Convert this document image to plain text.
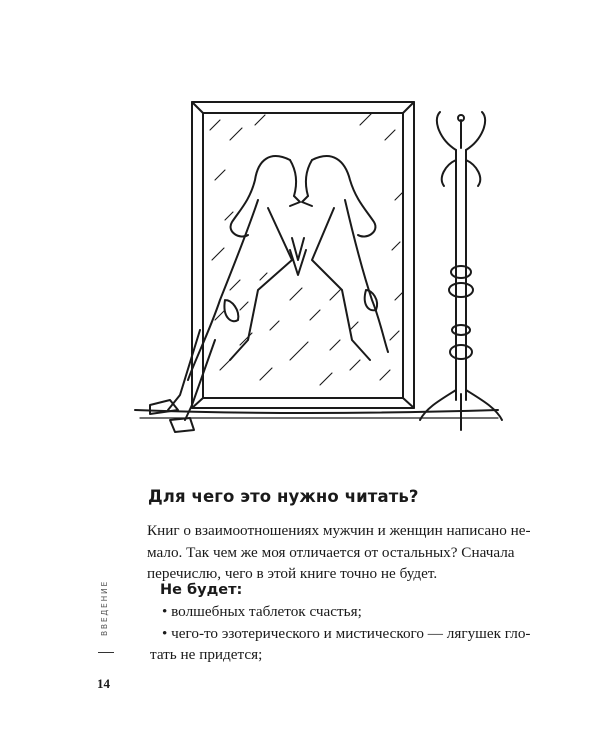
Для чего это нужно читать?

Книг о взаимоотношениях мужчин и женщин написано не-
мало. Так чем же моя отличается от остальных? Сначала
перечислю, чего в этой книге точно не будет.

Не будет:
• волшебных таблеток счастья;
• чего-то эзотерического и мистического — лягушек гло-
тать не придется;
ВВЕДЕНИЕ
14
